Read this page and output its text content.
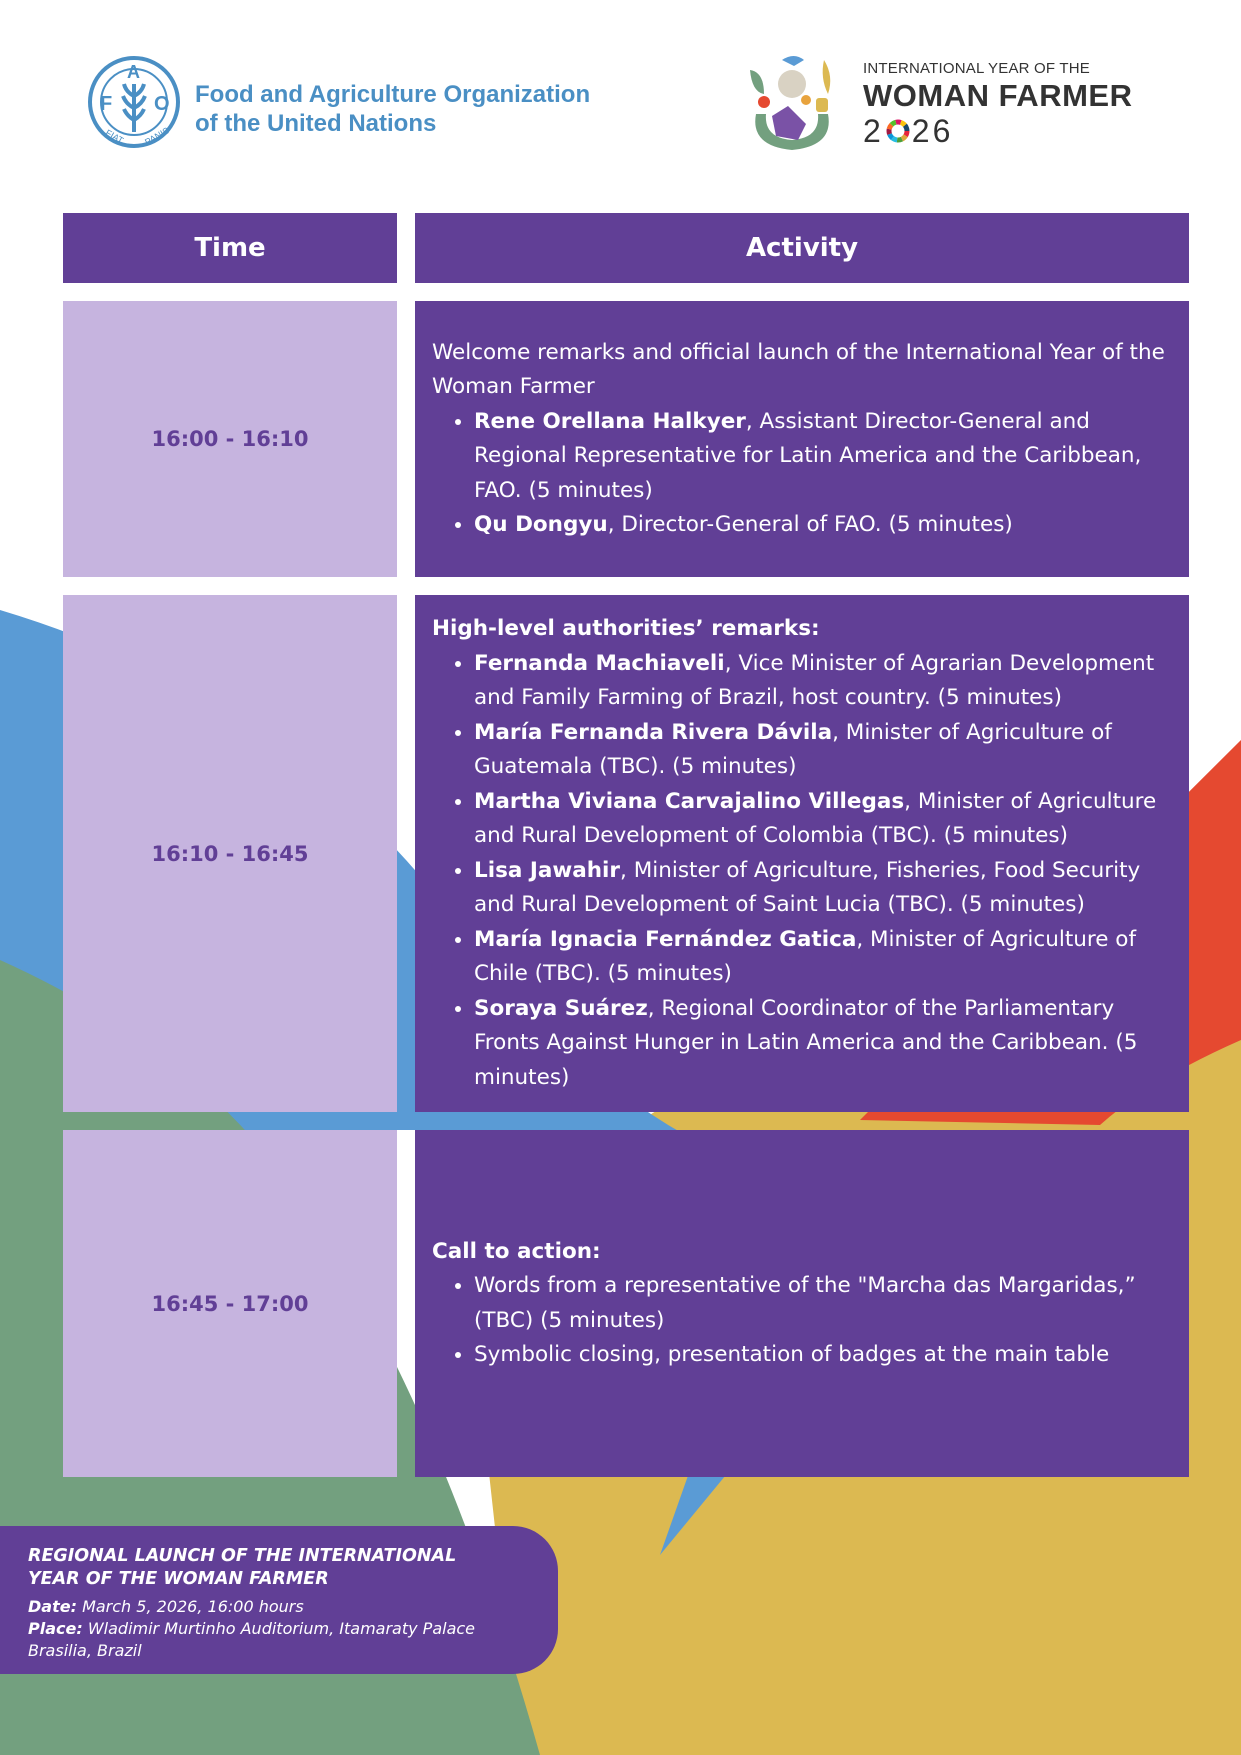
F
A
O
FIAT PANIS
Food and Agriculture Organization
of the United Nations
INTERNATIONAL YEAR OF THE
WOMAN FARMER
2 26
Time	Activity
16:00 - 16:10
Welcome remarks and official launch of the International Year of the Woman Farmer
• Rene Orellana Halkyer, Assistant Director-General and Regional Representative for Latin America and the Caribbean, FAO. (5 minutes)
• Qu Dongyu, Director-General of FAO. (5 minutes)
16:10 - 16:45
High-level authorities’ remarks:
• Fernanda Machiaveli, Vice Minister of Agrarian Development and Family Farming of Brazil, host country. (5 minutes)
• María Fernanda Rivera Dávila, Minister of Agriculture of Guatemala (TBC). (5 minutes)
• Martha Viviana Carvajalino Villegas, Minister of Agriculture and Rural Development of Colombia (TBC). (5 minutes)
• Lisa Jawahir, Minister of Agriculture, Fisheries, Food Security and Rural Development of Saint Lucia (TBC). (5 minutes)
• María Ignacia Fernández Gatica, Minister of Agriculture of Chile (TBC). (5 minutes)
• Soraya Suárez, Regional Coordinator of the Parliamentary Fronts Against Hunger in Latin America and the Caribbean. (5 minutes)
16:45 - 17:00
Call to action:
• Words from a representative of the "Marcha das Margaridas,” (TBC) (5 minutes)
• Symbolic closing, presentation of badges at the main table
REGIONAL LAUNCH OF THE INTERNATIONAL YEAR OF THE WOMAN FARMER
Date: March 5, 2026, 16:00 hours
Place: Wladimir Murtinho Auditorium, Itamaraty Palace
Brasilia, Brazil
